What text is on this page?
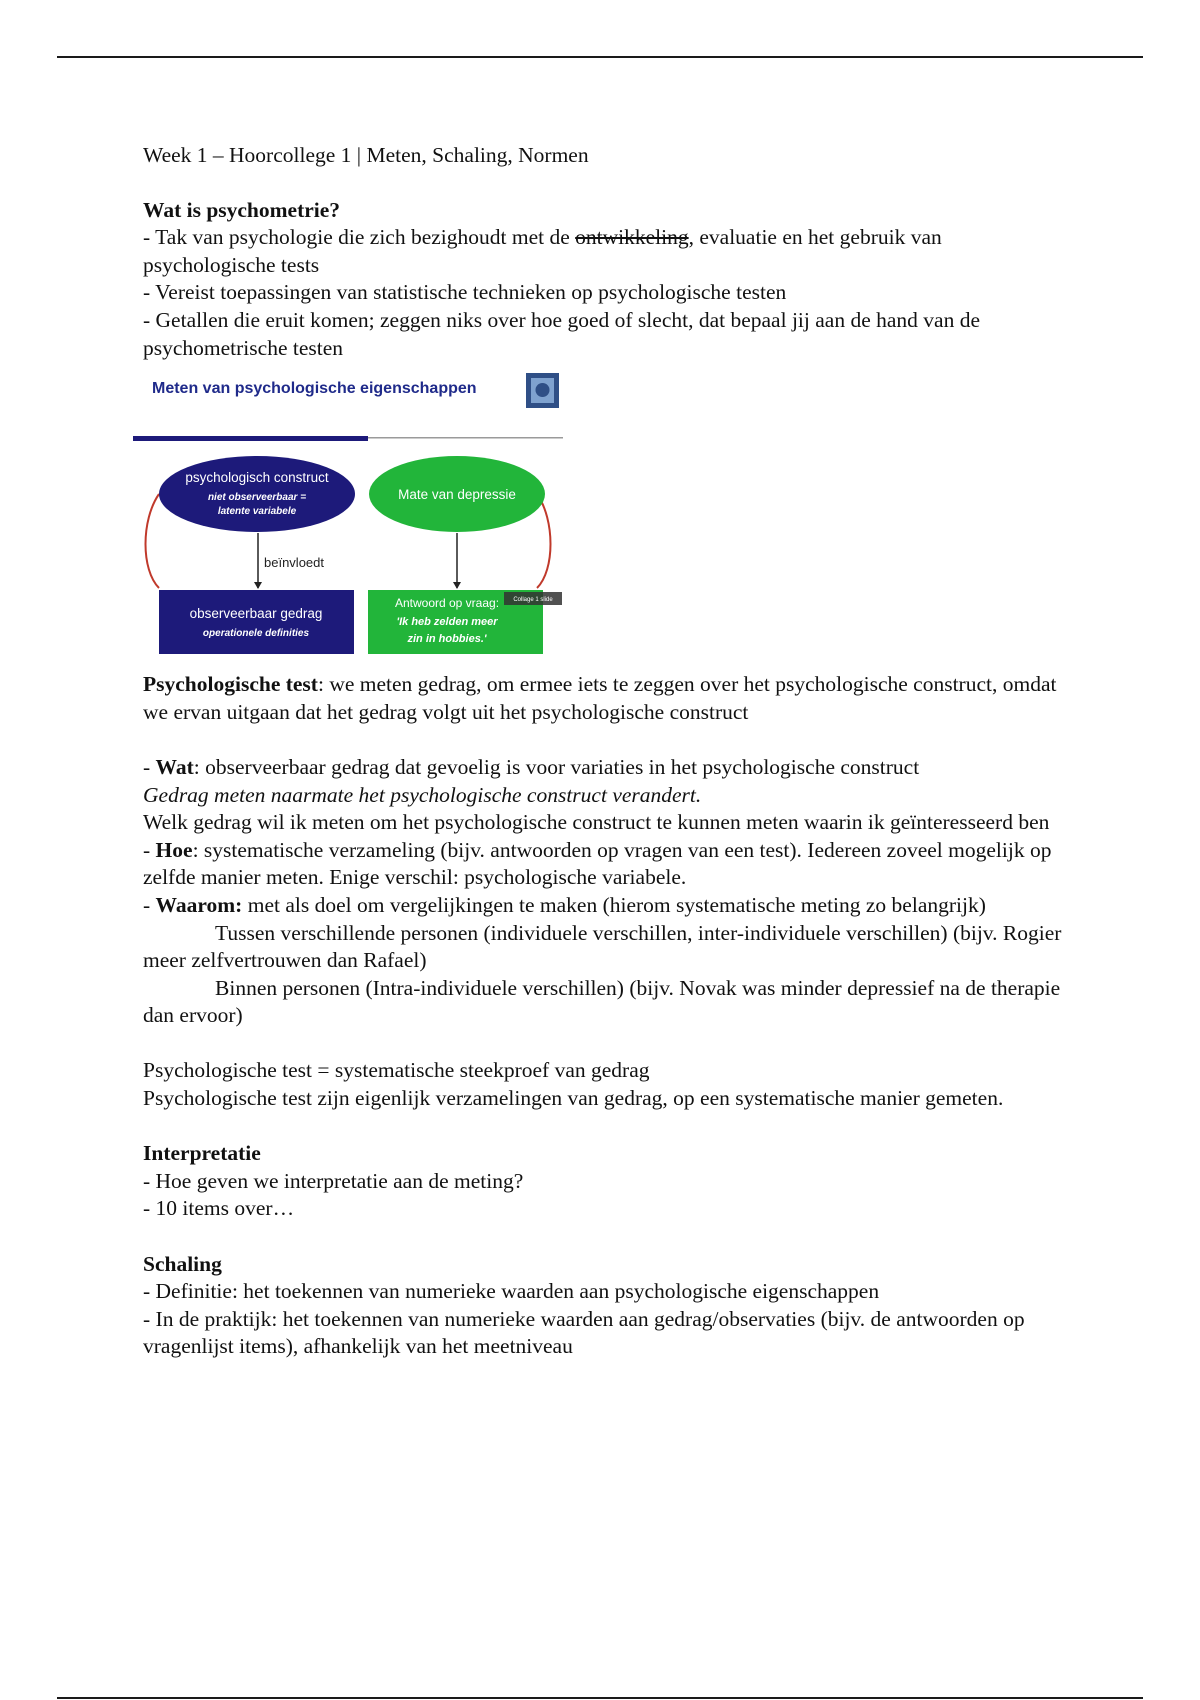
Week 1 – Hoorcollege 1 | Meten, Schaling, Normen

Wat is psychometrie?

- Tak van psychologie die zich bezighoudt met de ontwikkeling, evaluatie en het gebruik van psychologische tests

- Vereist toepassingen van statistische technieken op psychologische testen

- Getallen die eruit komen; zeggen niks over hoe goed of slecht, dat bepaal jij aan de hand van de psychometrische testen

Meten van psychologische eigenschappen
psychologisch construct
niet observeerbaar =
latente variabele
Mate van depressie
beïnvloedt
observeerbaar gedrag
operationele definities
Antwoord op vraag:
'Ik heb zelden meer
zin in hobbies.'
Collage 1 slide

Psychologische test: we meten gedrag, om ermee iets te zeggen over het psychologische construct, omdat we ervan uitgaan dat het gedrag volgt uit het psychologische construct

- Wat: observeerbaar gedrag dat gevoelig is voor variaties in het psychologische construct

Gedrag meten naarmate het psychologische construct verandert.

Welk gedrag wil ik meten om het psychologische construct te kunnen meten waarin ik geïnteresseerd ben

- Hoe: systematische verzameling (bijv. antwoorden op vragen van een test). Iedereen zoveel mogelijk op zelfde manier meten. Enige verschil: psychologische variabele.

- Waarom: met als doel om vergelijkingen te maken (hierom systematische meting zo belangrijk)

Tussen verschillende personen (individuele verschillen, inter-individuele verschillen) (bijv. Rogier meer zelfvertrouwen dan Rafael)

Binnen personen (Intra-individuele verschillen) (bijv. Novak was minder depressief na de therapie dan ervoor)

Psychologische test = systematische steekproef van gedrag

Psychologische test zijn eigenlijk verzamelingen van gedrag, op een systematische manier gemeten.

Interpretatie

- Hoe geven we interpretatie aan de meting?

- 10 items over…

Schaling

- Definitie: het toekennen van numerieke waarden aan psychologische eigenschappen

- In de praktijk: het toekennen van numerieke waarden aan gedrag/observaties (bijv. de antwoorden op vragenlijst items), afhankelijk van het meetniveau
